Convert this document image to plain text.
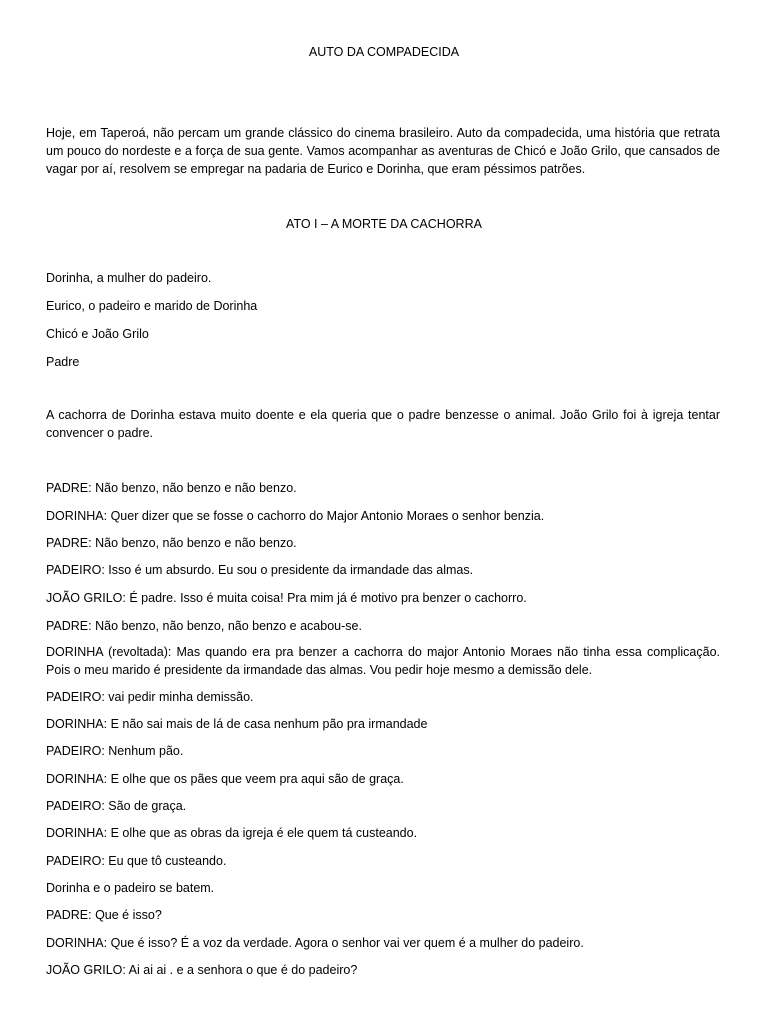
AUTO DA COMPADECIDA

Hoje, em Taperoá, não percam um grande clássico do cinema brasileiro. Auto da compadecida, uma história que retrata um pouco do nordeste e a força de sua gente. Vamos acompanhar as aventuras de Chicó e João Grilo, que cansados de vagar por aí, resolvem se empregar na padaria de Eurico e Dorinha, que eram péssimos patrões.

ATO I – A MORTE DA CACHORRA

Dorinha, a mulher do padeiro.

Eurico, o padeiro e marido de Dorinha

Chicó e João Grilo

Padre

A cachorra de Dorinha estava muito doente e ela queria que o padre benzesse o animal. João Grilo foi à igreja tentar convencer o padre.

PADRE: Não benzo, não benzo e não benzo.

DORINHA: Quer dizer que se fosse o cachorro do Major Antonio Moraes o senhor benzia.

PADRE: Não benzo, não benzo e não benzo.

PADEIRO: Isso é um absurdo. Eu sou o presidente da irmandade das almas.

JOÃO GRILO: É padre. Isso é muita coisa! Pra mim já é motivo pra benzer o cachorro.

PADRE: Não benzo, não benzo, não benzo e acabou-se.

DORINHA (revoltada): Mas quando era pra benzer a cachorra do major Antonio Moraes não tinha essa complicação. Pois o meu marido é presidente da irmandade das almas. Vou pedir hoje mesmo a demissão dele.

PADEIRO: vai pedir minha demissão.

DORINHA: E não sai mais de lá de casa nenhum pão pra irmandade

PADEIRO: Nenhum pão.

DORINHA: E olhe que os pães que veem pra aqui são de graça.

PADEIRO: São de graça.

DORINHA: E olhe que as obras da igreja é ele quem tá custeando.

PADEIRO: Eu que tô custeando.

Dorinha e o padeiro se batem.

PADRE: Que é isso?

DORINHA: Que é isso? É a voz da verdade. Agora o senhor vai ver quem é a mulher do padeiro.

JOÃO GRILO: Ai ai ai . e a senhora o que é do padeiro?
